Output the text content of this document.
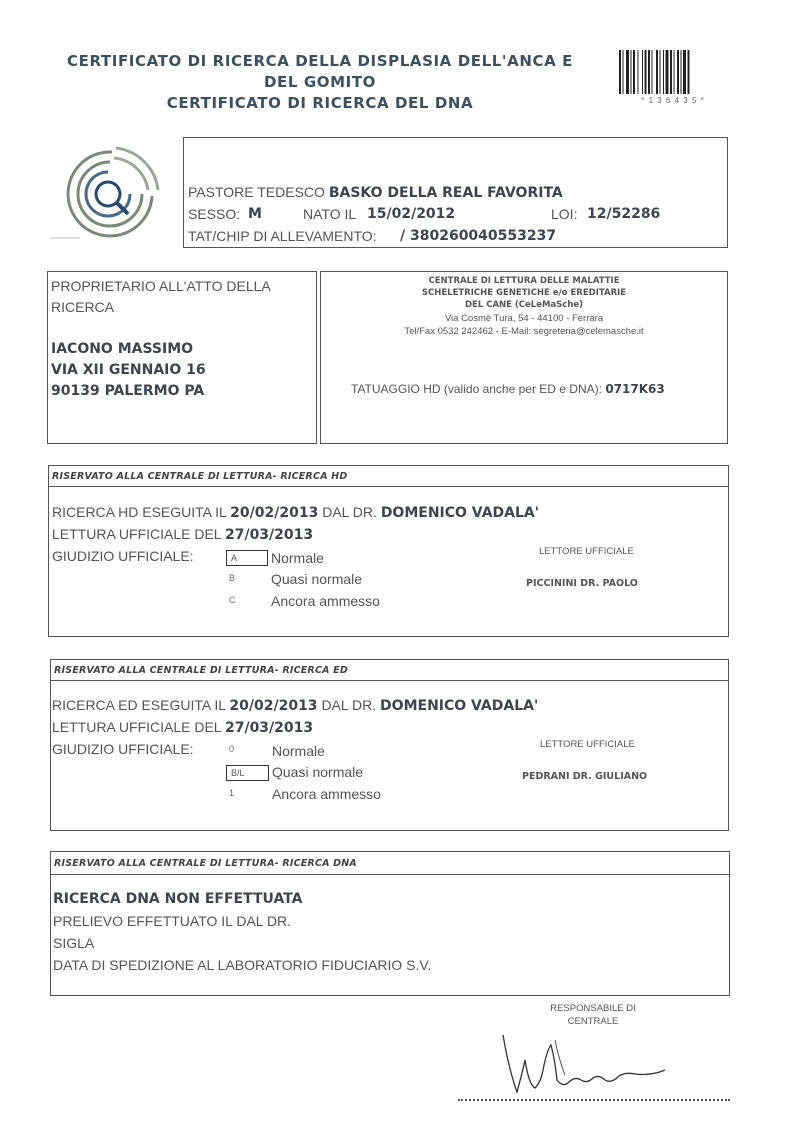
CERTIFICATO DI RICERCA DELLA DISPLASIA DELL'ANCA E
DEL GOMITO
CERTIFICATO DI RICERCA DEL DNA	* 1 3 6 4 3 5 *
PASTORE TEDESCO BASKO DELLA REAL FAVORITA
SESSO: M	NATO IL 15/02/2012	LOI: 12/52286
TAT/CHIP DI ALLEVAMENTO: / 380260040553237
PROPRIETARIO ALL'ATTO DELLA
RICERCA
IACONO MASSIMO
VIA XII GENNAIO 16
90139 PALERMO PA
CENTRALE DI LETTURA DELLE MALATTIE
SCHELETRICHE GENETICHE e/o EREDITARIE
DEL CANE (CeLeMaSche)
Via Cosmè Tura, 54 - 44100 - Ferrara
Tel/Fax 0532 242462 - E-Mail: segreteria@celemasche.it
TATUAGGIO HD (valido anche per ED e DNA): 0717K63
RISERVATO ALLA CENTRALE DI LETTURA- RICERCA HD
RICERCA HD ESEGUITA IL 20/02/2013 DAL DR. DOMENICO VADALA'
LETTURA UFFICIALE DEL 27/03/2013
GIUDIZIO UFFICIALE:	A	Normale
B	Quasi normale
C	Ancora ammesso
LETTORE UFFICIALE
PICCININI DR. PAOLO
RISERVATO ALLA CENTRALE DI LETTURA- RICERCA ED
RICERCA ED ESEGUITA IL 20/02/2013 DAL DR. DOMENICO VADALA'
LETTURA UFFICIALE DEL 27/03/2013
GIUDIZIO UFFICIALE:	0	Normale
B/L	Quasi normale
1	Ancora ammesso
LETTORE UFFICIALE
PEDRANI DR. GIULIANO
RISERVATO ALLA CENTRALE DI LETTURA- RICERCA DNA
RICERCA DNA NON EFFETTUATA
PRELIEVO EFFETTUATO IL DAL DR.
SIGLA
DATA DI SPEDIZIONE AL LABORATORIO FIDUCIARIO S.V.
RESPONSABILE DI
CENTRALE
